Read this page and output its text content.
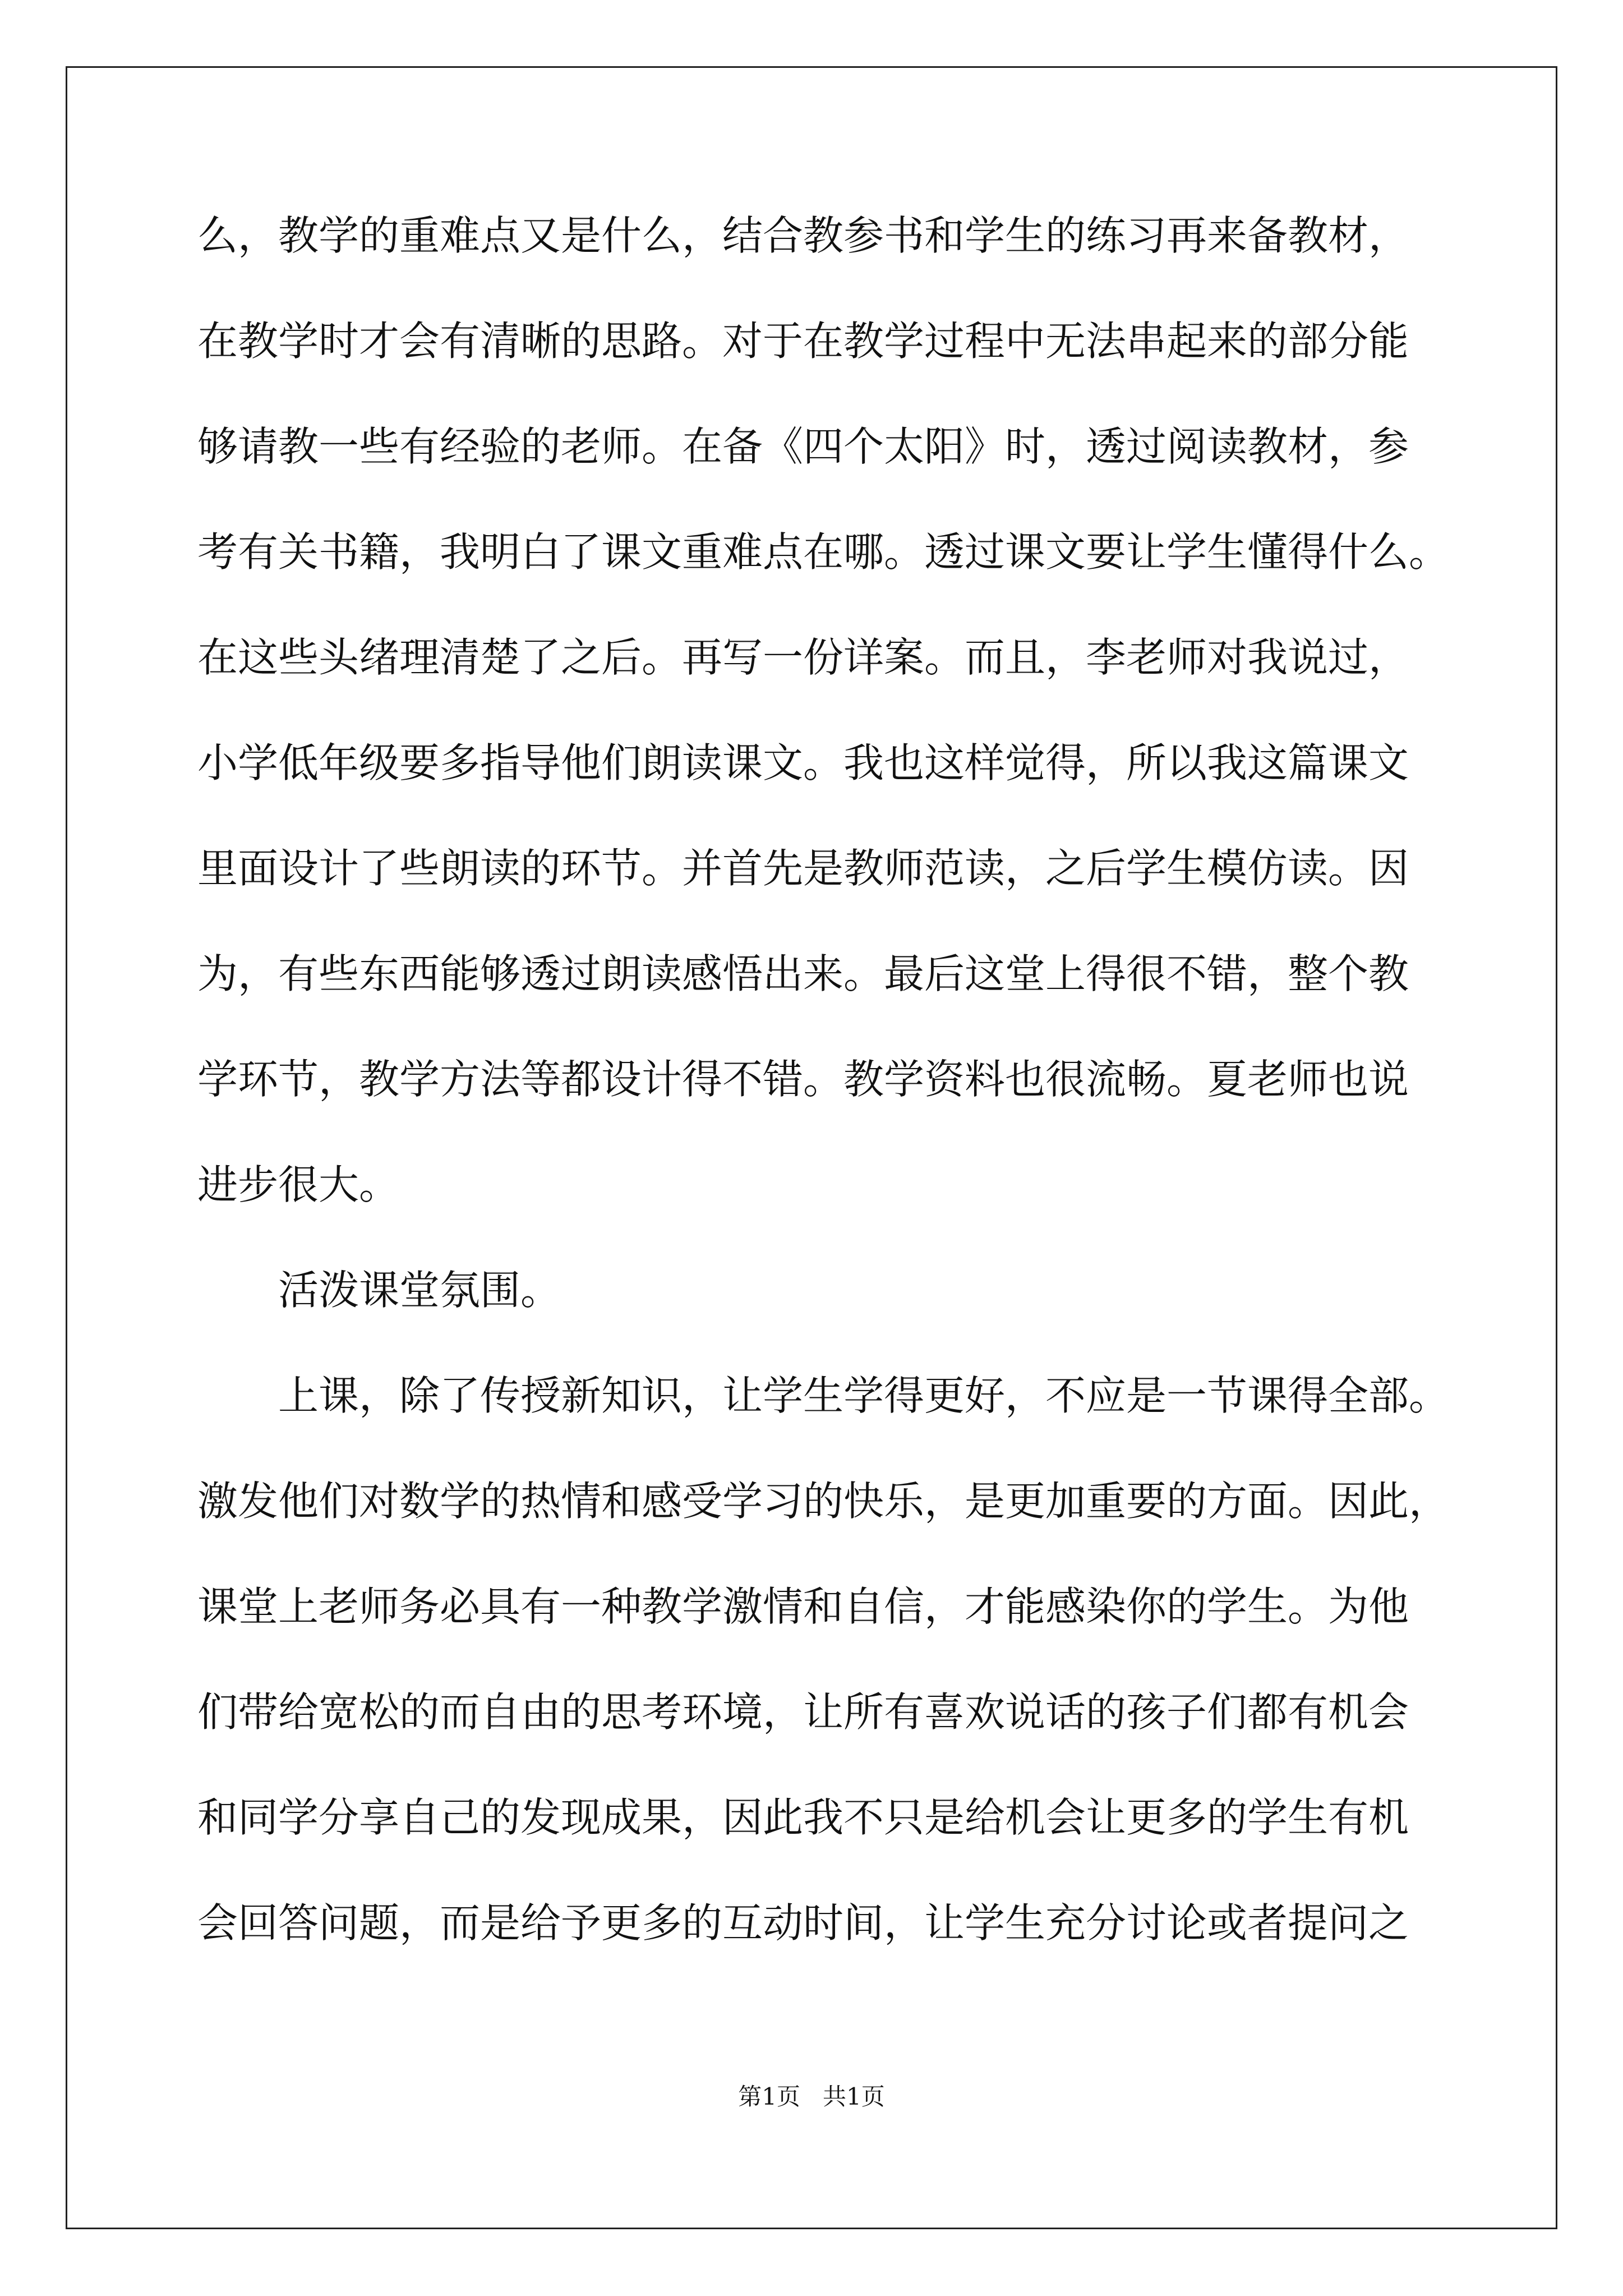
么，教学的重难点又是什么，结合教参书和学生的练习再来备教材，
在教学时才会有清晰的思路。对于在教学过程中无法串起来的部分能
够请教一些有经验的老师。在备《四个太阳》时，透过阅读教材，参
考有关书籍，我明白了课文重难点在哪。透过课文要让学生懂得什么。
在这些头绪理清楚了之后。再写一份详案。而且，李老师对我说过，
小学低年级要多指导他们朗读课文。我也这样觉得，所以我这篇课文
里面设计了些朗读的环节。并首先是教师范读，之后学生模仿读。因
为，有些东西能够透过朗读感悟出来。最后这堂上得很不错，整个教
学环节，教学方法等都设计得不错。教学资料也很流畅。夏老师也说
进步很大。
活泼课堂氛围。
上课，除了传授新知识，让学生学得更好，不应是一节课得全部。
激发他们对数学的热情和感受学习的快乐，是更加重要的方面。因此，
课堂上老师务必具有一种教学激情和自信，才能感染你的学生。为他
们带给宽松的而自由的思考环境，让所有喜欢说话的孩子们都有机会
和同学分享自己的发现成果，因此我不只是给机会让更多的学生有机
会回答问题，而是给予更多的互动时间，让学生充分讨论或者提问之
第1页   共1页
